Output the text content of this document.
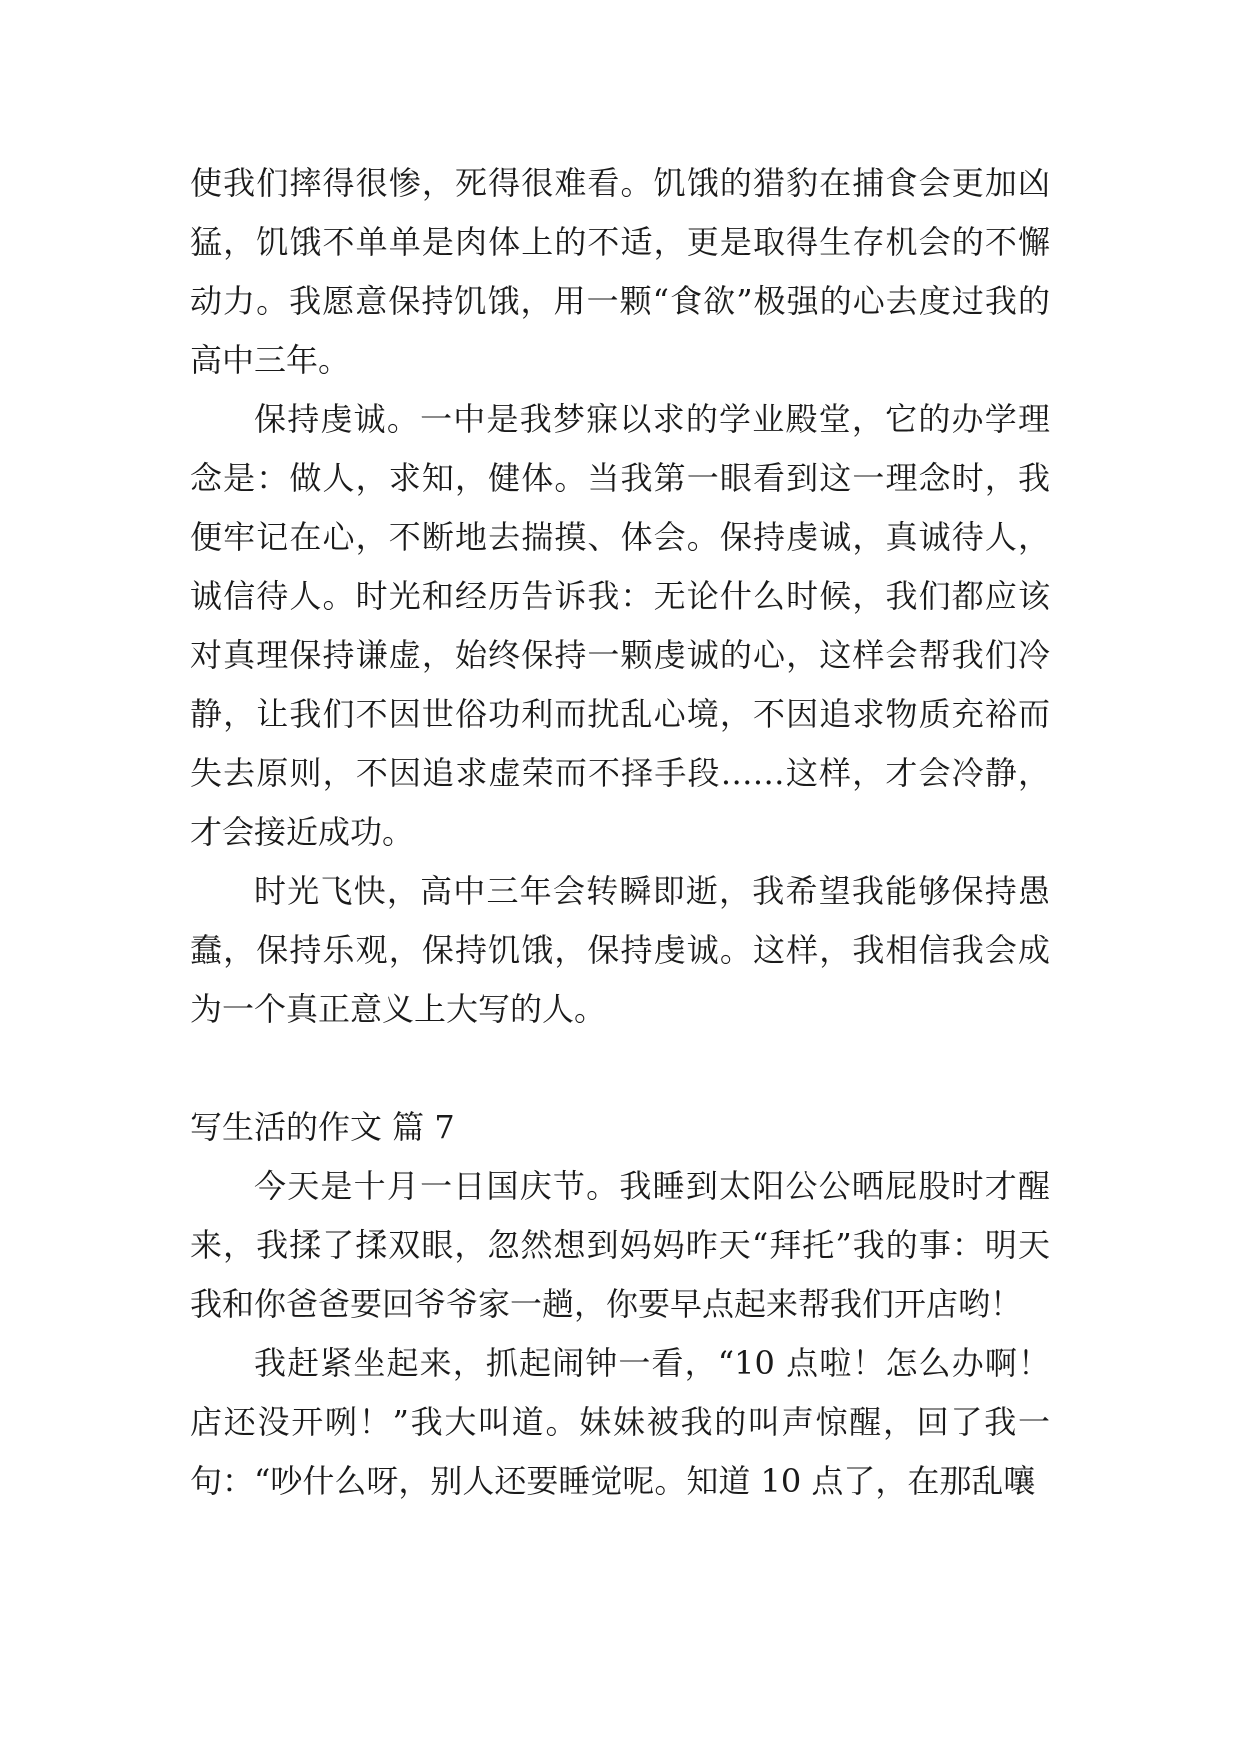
使我们摔得很惨，死得很难看。饥饿的猎豹在捕食会更加凶猛，饥饿不单单是肉体上的不适，更是取得生存机会的不懈动力。我愿意保持饥饿，用一颗“食欲”极强的心去度过我的高中三年。

保持虔诚。一中是我梦寐以求的学业殿堂，它的办学理念是：做人，求知，健体。当我第一眼看到这一理念时，我便牢记在心，不断地去揣摸、体会。保持虔诚，真诚待人，诚信待人。时光和经历告诉我：无论什么时候，我们都应该对真理保持谦虚，始终保持一颗虔诚的心，这样会帮我们冷静，让我们不因世俗功利而扰乱心境，不因追求物质充裕而失去原则，不因追求虚荣而不择手段……这样，才会冷静，才会接近成功。

时光飞快，高中三年会转瞬即逝，我希望我能够保持愚蠢，保持乐观，保持饥饿，保持虔诚。这样，我相信我会成为一个真正意义上大写的人。

写生活的作文 篇 7

今天是十月一日国庆节。我睡到太阳公公晒屁股时才醒来，我揉了揉双眼，忽然想到妈妈昨天“拜托”我的事：明天我和你爸爸要回爷爷家一趟，你要早点起来帮我们开店哟！

我赶紧坐起来，抓起闹钟一看，“10 点啦！怎么办啊！店还没开咧！”我大叫道。妹妹被我的叫声惊醒，回了我一句：“吵什么呀，别人还要睡觉呢。知道 10 点了，在那乱嚷
